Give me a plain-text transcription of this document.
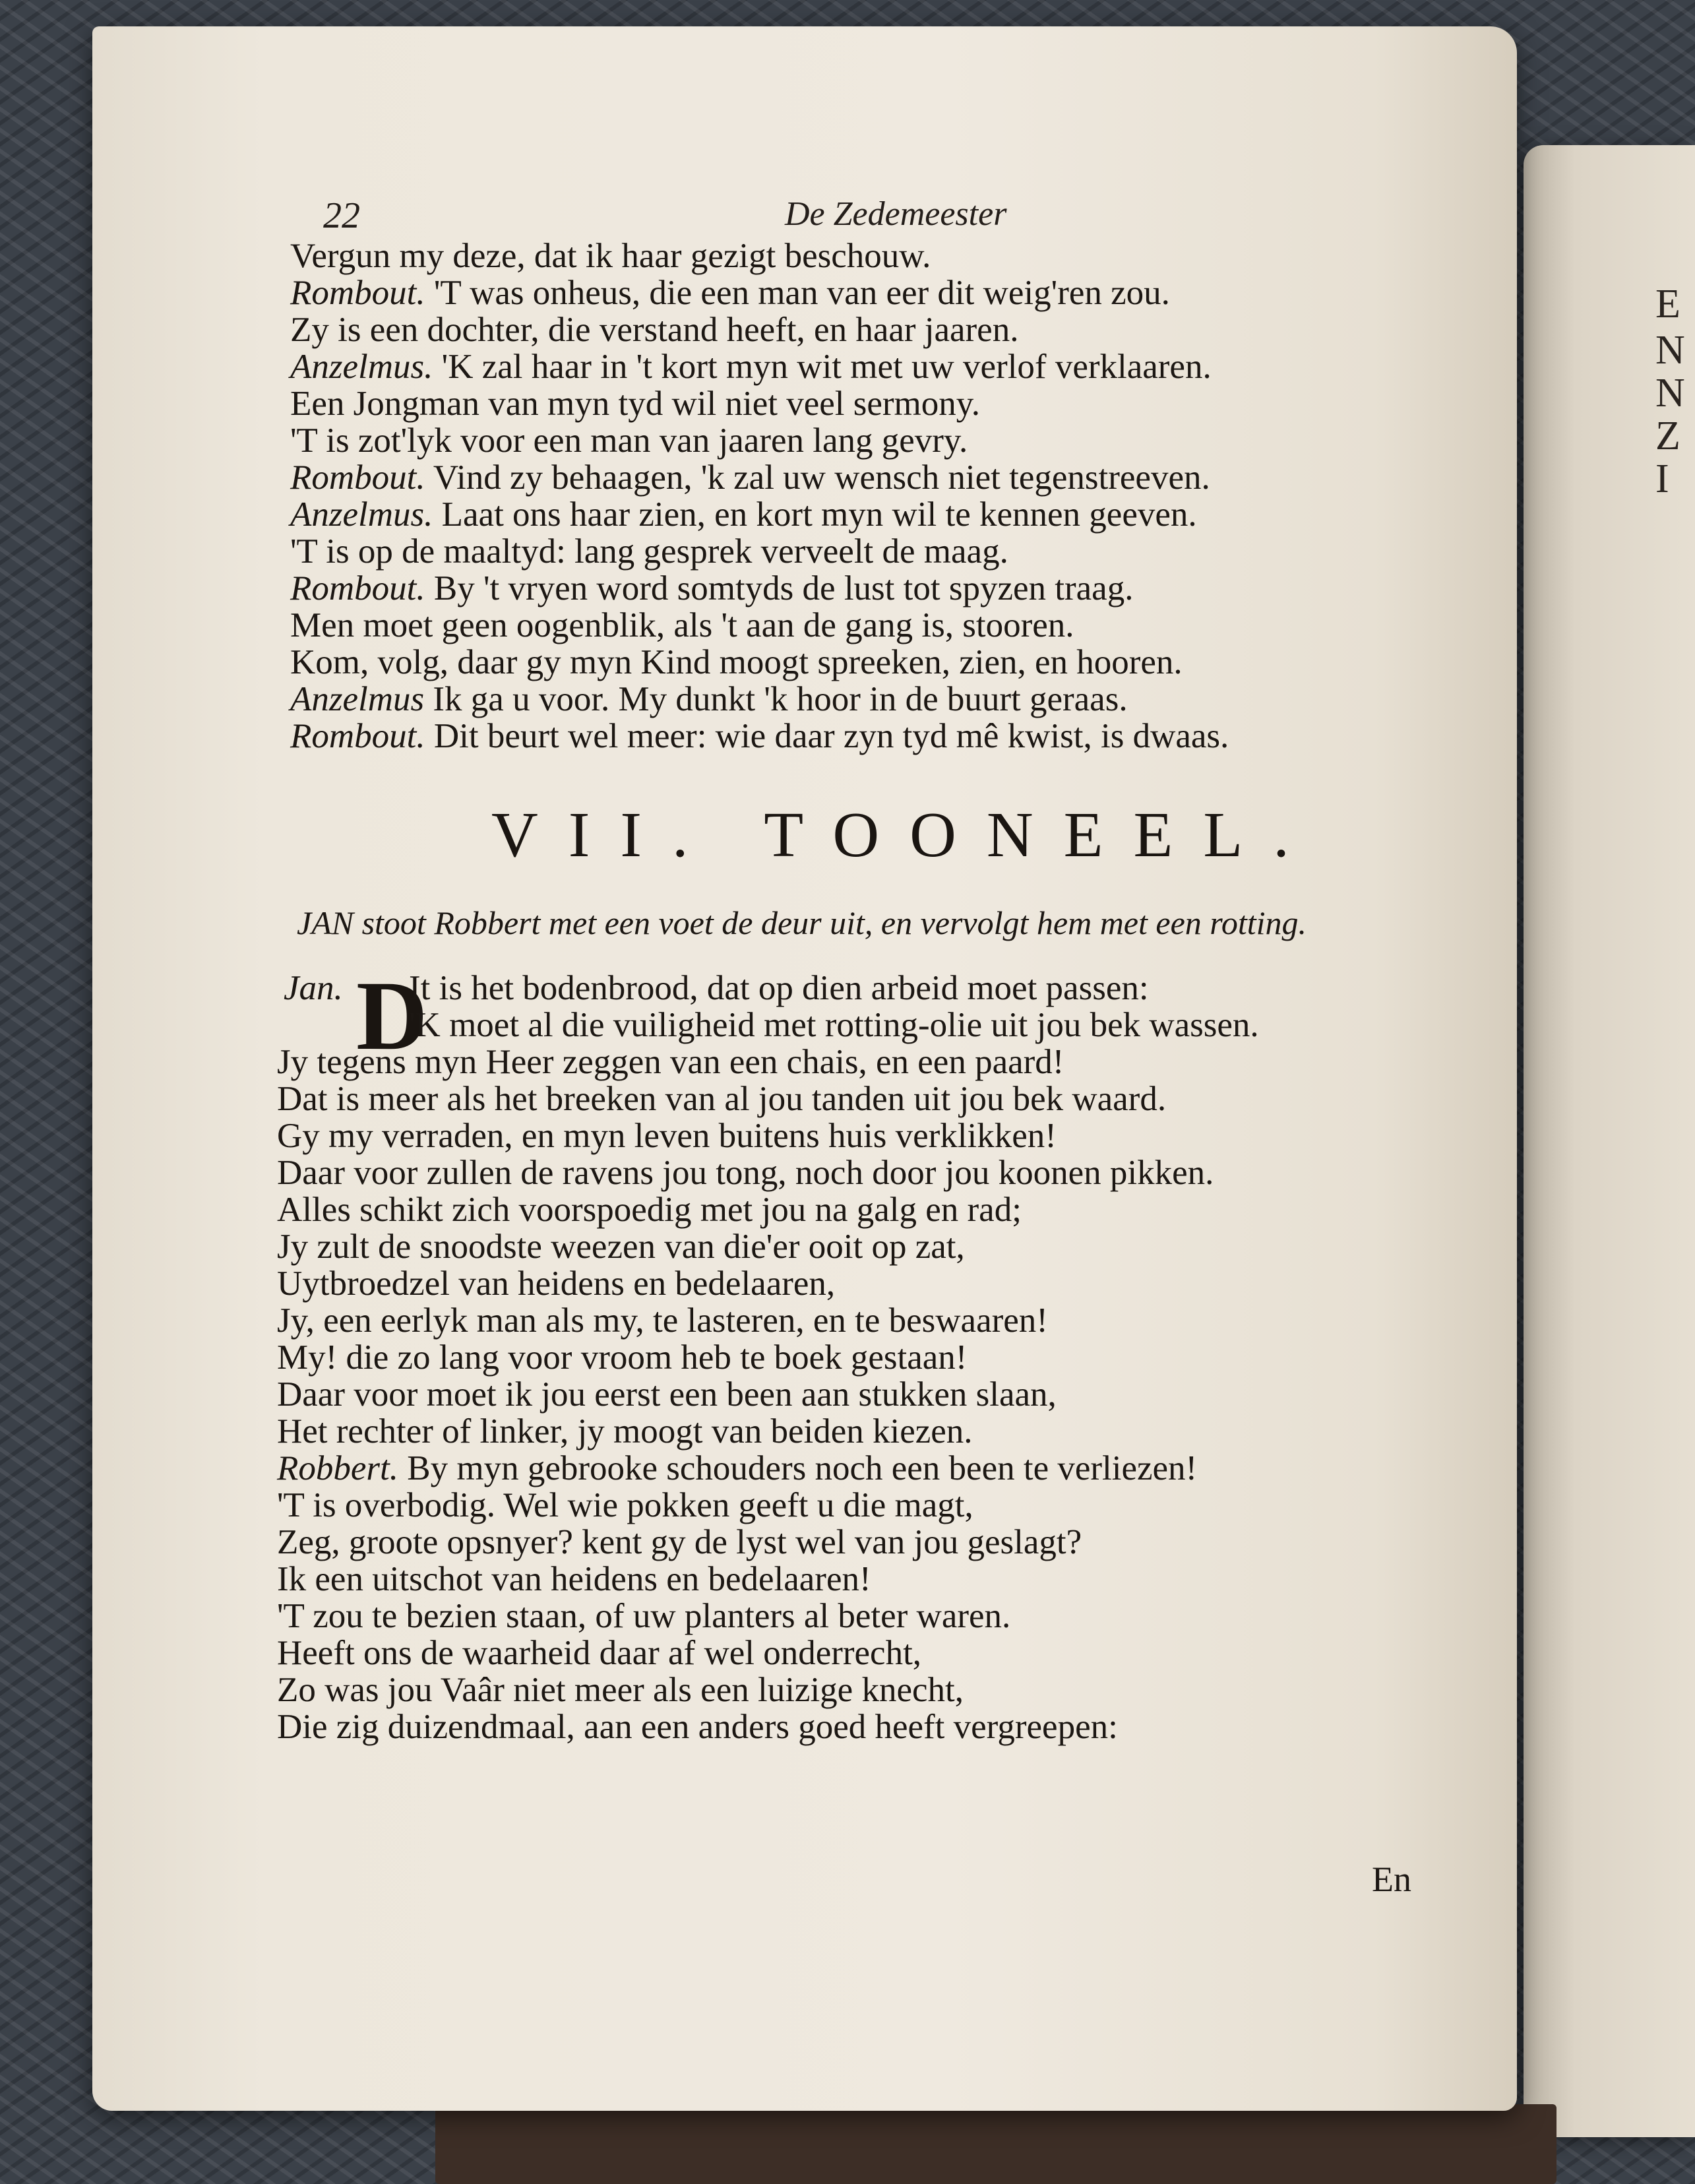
E
N
N
Z
I
22	De Zedemeester
Vergun my deze, dat ik haar gezigt beschouw.
Rombout. 'T was onheus, die een man van eer dit weig'ren zou.
Zy is een dochter, die verstand heeft, en haar jaaren.
Anzelmus. 'K zal haar in 't kort myn wit met uw verlof verklaaren.
Een Jongman van myn tyd wil niet veel sermony.
'T is zot'lyk voor een man van jaaren lang gevry.
Rombout. Vind zy behaagen, 'k zal uw wensch niet tegenstreeven.
Anzelmus. Laat ons haar zien, en kort myn wil te kennen geeven.
'T is op de maaltyd: lang gesprek verveelt de maag.
Rombout. By 't vryen word somtyds de lust tot spyzen traag.
Men moet geen oogenblik, als 't aan de gang is, stooren.
Kom, volg, daar gy myn Kind moogt spreeken, zien, en hooren.
Anzelmus Ik ga u voor. My dunkt 'k hoor in de buurt geraas.
Rombout. Dit beurt wel meer: wie daar zyn tyd mê kwist, is dwaas.
VII. TOONEEL.
JAN stoot Robbert met een voet de deur uit, en vervolgt hem met een rotting.
Jan. D
It is het bodenbrood, dat op dien arbeid moet passen:
'K moet al die vuiligheid met rotting-olie uit jou bek wassen.
Jy tegens myn Heer zeggen van een chais, en een paard!
Dat is meer als het breeken van al jou tanden uit jou bek waard.
Gy my verraden, en myn leven buitens huis verklikken!
Daar voor zullen de ravens jou tong, noch door jou koonen pikken.
Alles schikt zich voorspoedig met jou na galg en rad;
Jy zult de snoodste weezen van die'er ooit op zat,
Uytbroedzel van heidens en bedelaaren,
Jy, een eerlyk man als my, te lasteren, en te beswaaren!
My! die zo lang voor vroom heb te boek gestaan!
Daar voor moet ik jou eerst een been aan stukken slaan,
Het rechter of linker, jy moogt van beiden kiezen.
Robbert. By myn gebrooke schouders noch een been te verliezen!
'T is overbodig. Wel wie pokken geeft u die magt,
Zeg, groote opsnyer? kent gy de lyst wel van jou geslagt?
Ik een uitschot van heidens en bedelaaren!
'T zou te bezien staan, of uw planters al beter waren.
Heeft ons de waarheid daar af wel onderrecht,
Zo was jou Vaâr niet meer als een luizige knecht,
Die zig duizendmaal, aan een anders goed heeft vergreepen:
En
